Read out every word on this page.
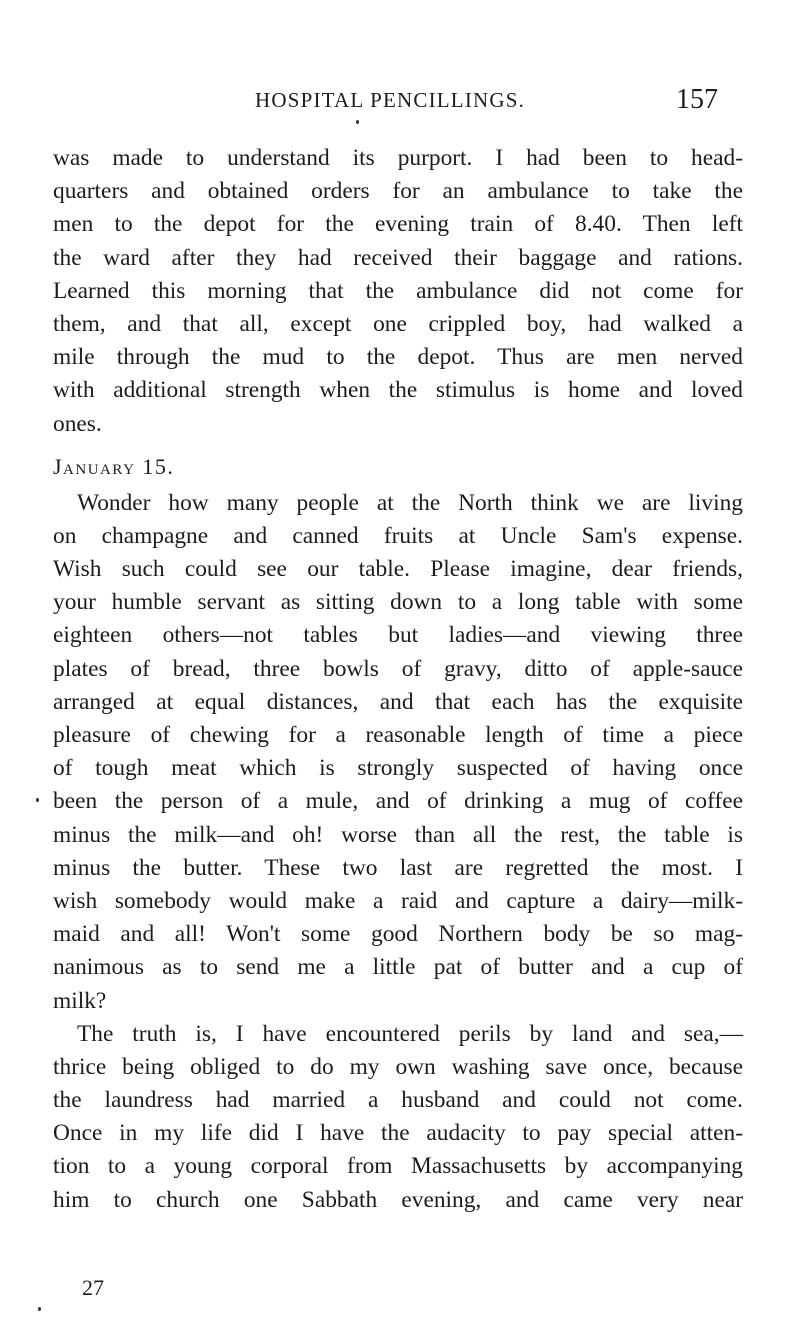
HOSPITAL PENCILLINGS.	157
was made to understand its purport. I had been to head-
quarters and obtained orders for an ambulance to take the
men to the depot for the evening train of 8.40. Then left
the ward after they had received their baggage and rations.
Learned this morning that the ambulance did not come for
them, and that all, except one crippled boy, had walked a
mile through the mud to the depot. Thus are men nerved
with additional strength when the stimulus is home and loved
ones.
January 15.
Wonder how many people at the North think we are living
on champagne and canned fruits at Uncle Sam's expense.
Wish such could see our table. Please imagine, dear friends,
your humble servant as sitting down to a long table with some
eighteen others—not tables but ladies—and viewing three
plates of bread, three bowls of gravy, ditto of apple-sauce
arranged at equal distances, and that each has the exquisite
pleasure of chewing for a reasonable length of time a piece
of tough meat which is strongly suspected of having once
been the person of a mule, and of drinking a mug of coffee
minus the milk—and oh! worse than all the rest, the table is
minus the butter. These two last are regretted the most. I
wish somebody would make a raid and capture a dairy—milk-
maid and all! Won't some good Northern body be so mag-
nanimous as to send me a little pat of butter and a cup of
milk?
The truth is, I have encountered perils by land and sea,—
thrice being obliged to do my own washing save once, because
the laundress had married a husband and could not come.
Once in my life did I have the audacity to pay special atten-
tion to a young corporal from Massachusetts by accompanying
him to church one Sabbath evening, and came very near
27
